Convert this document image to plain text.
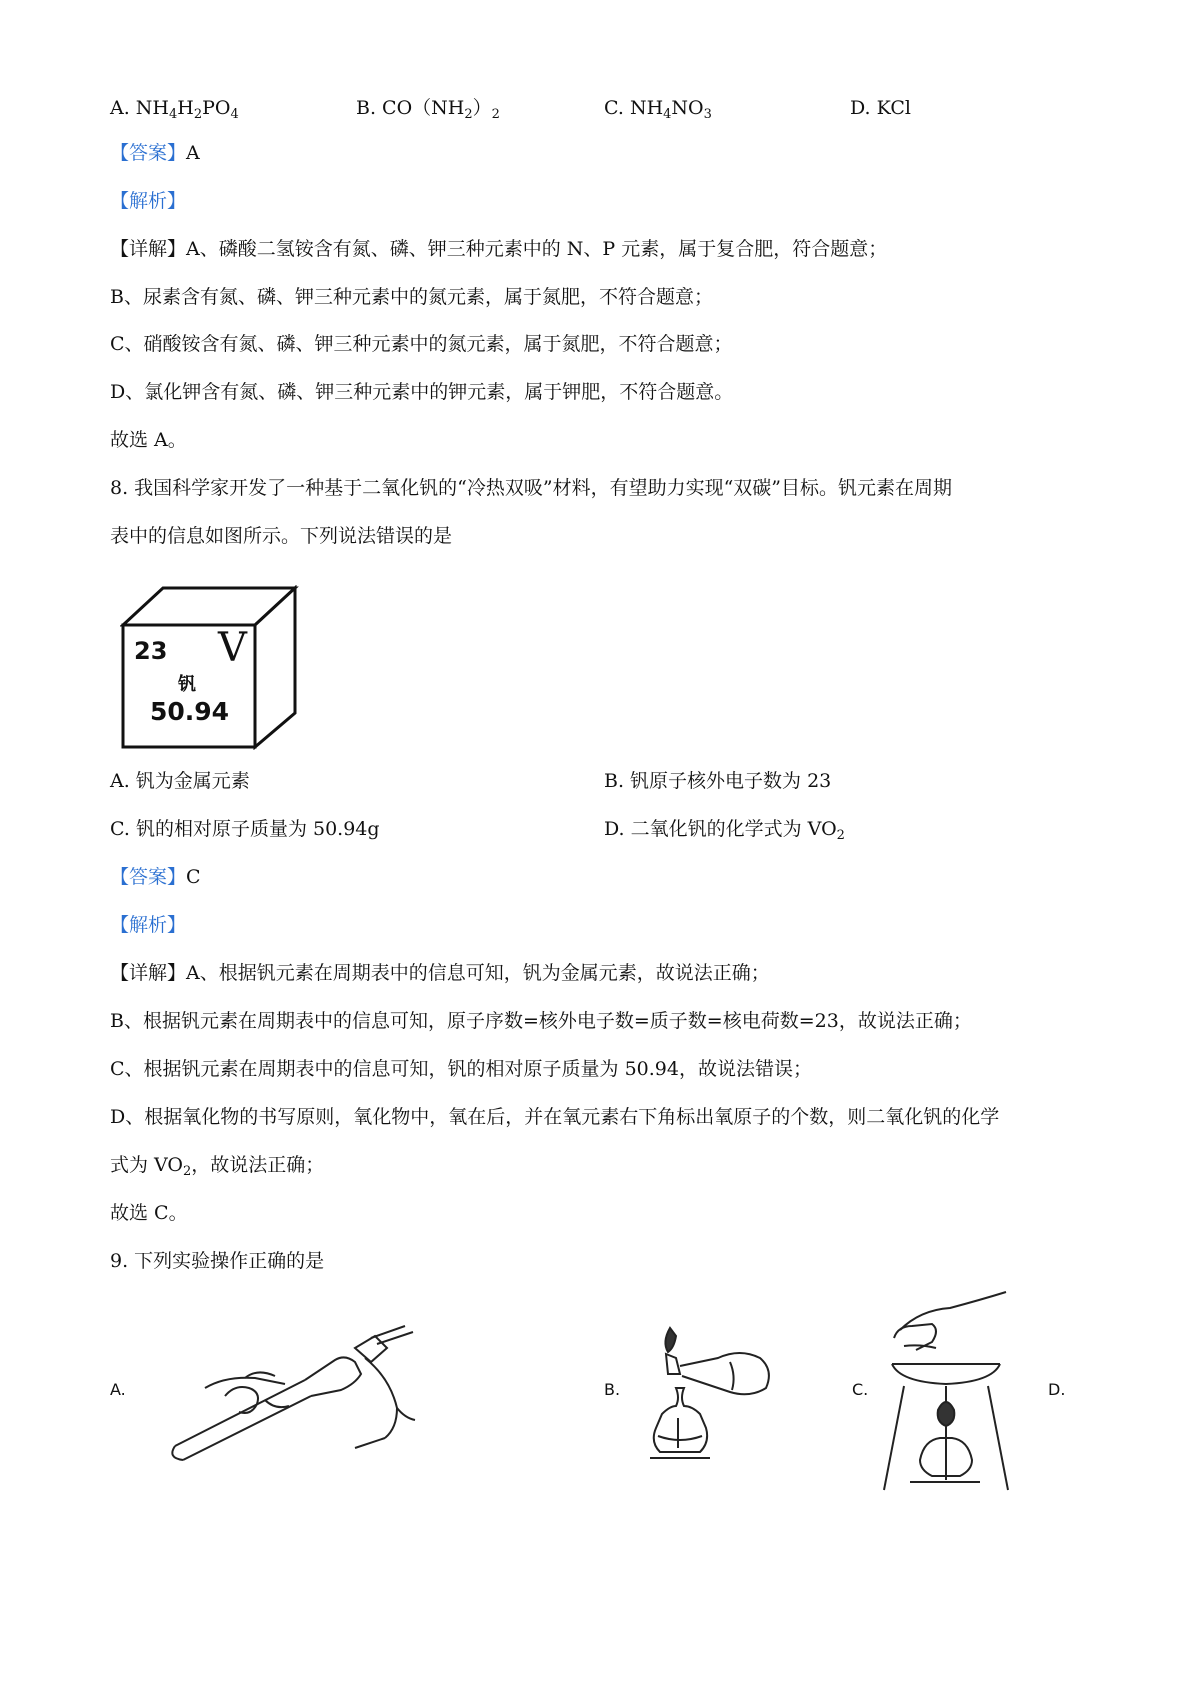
A. $NH_4H_2PO_4$	B. $CO(NH_2)_2$	C. $NH_4NO_3$	D. KCl
【答案】A
【解析】
【详解】A、磷酸二氢铵含有氮、磷、钾三种元素中的 N、P 元素，属于复合肥，符合题意；
B、尿素含有氮、磷、钾三种元素中的氮元素，属于氮肥，不符合题意；
C、硝酸铵含有氮、磷、钾三种元素中的氮元素，属于氮肥，不符合题意；
D、氯化钾含有氮、磷、钾三种元素中的钾元素，属于钾肥，不符合题意。
故选 A。
8. 我国科学家开发了一种基于二氧化钒的“冷热双吸”材料，有望助力实现“双碳”目标。钒元素在周期
表中的信息如图所示。下列说法错误的是
23 V
钒
50.94
A. 钒为金属元素	B. 钒原子核外电子数为 23
C. 钒的相对原子质量为 50.94g	D. 二氧化钒的化学式为 $VO_2$
【答案】C
【解析】
【详解】A、根据钒元素在周期表中的信息可知，钒为金属元素，故说法正确；
B、根据钒元素在周期表中的信息可知，原子序数=核外电子数=质子数=核电荷数=23，故说法正确；
C、根据钒元素在周期表中的信息可知，钒的相对原子质量为 50.94，故说法错误；
D、根据氧化物的书写原则，氧化物中，氧在后，并在氧元素右下角标出氧原子的个数，则二氧化钒的化学
式为 $VO_2$，故说法正确；
故选 C。
9. 下列实验操作正确的是
A.	B.	C.	D.
